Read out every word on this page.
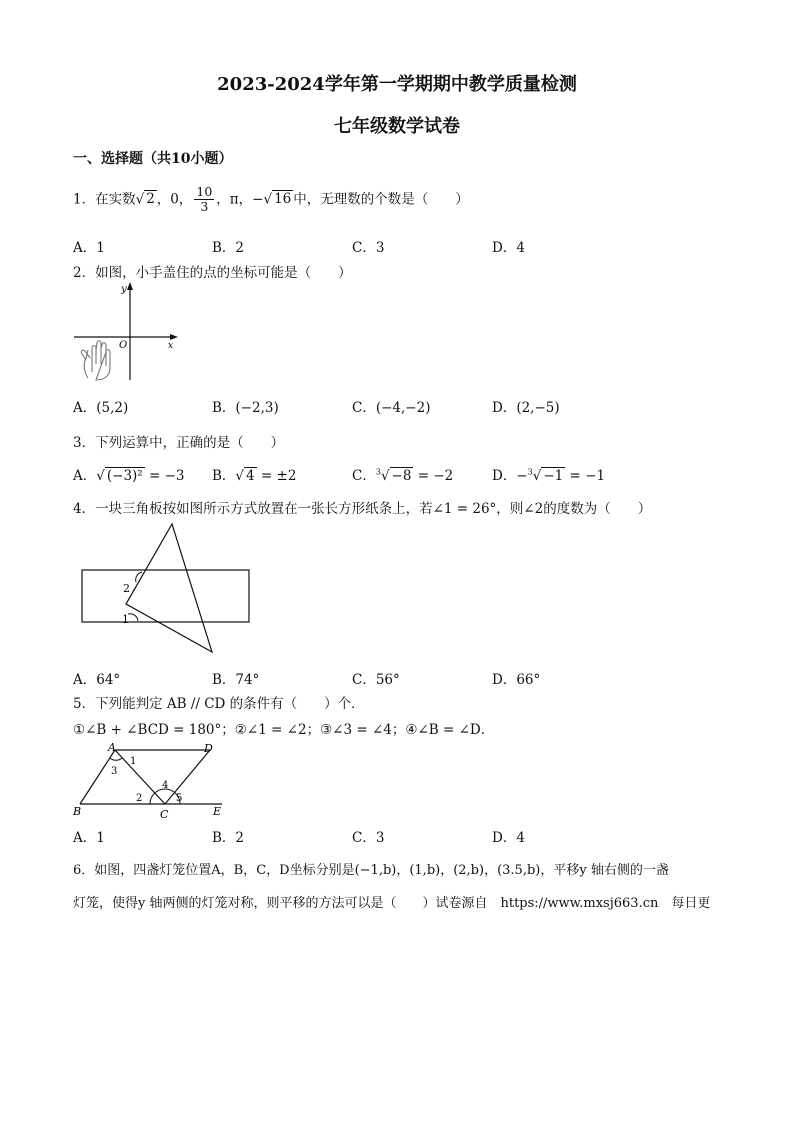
2023-2024学年第一学期期中教学质量检测
七年级数学试卷
一、选择题（共10小题）
1．在实数√ 2 ，0， $\frac{10}{3}$ ，π，−√ 16 中，无理数的个数是（　　）
A．1	B．2	C．3	D．4
2．如图，小手盖住的点的坐标可能是（　　）
y
x
O
A．(5,2)	B．(−2,3)	C．(−4,−2)	D．(2,−5)
3．下列运算中，正确的是（　　）
A．√ (−3)² = −3 B．√ 4 = ±2	C．$^3$√ −8 = −2	D．−$^3$√ −1 = −1
4．一块三角板按如图所示方式放置在一张长方形纸条上，若∠1 = 26°，则∠2的度数为（　　）
2
1
A．64°	B．74°	C．56°	D．66°
5．下列能判定 AB // CD 的条件有（　　）个．
①∠B + ∠BCD = 180°；②∠1 = ∠2；③∠3 = ∠4；④∠B = ∠D．
A	D
B	C	E
1
2
3
4
5
A．1	B．2	C．3	D．4
6．如图，四盏灯笼位置A，B，C，D坐标分别是(−1,b)，(1,b)，(2,b)，(3.5,b)，平移y 轴右侧的一盏
灯笼，使得y 轴两侧的灯笼对称，则平移的方法可以是（　　）试卷源自　https://www.mxsj663.cn　每日更
